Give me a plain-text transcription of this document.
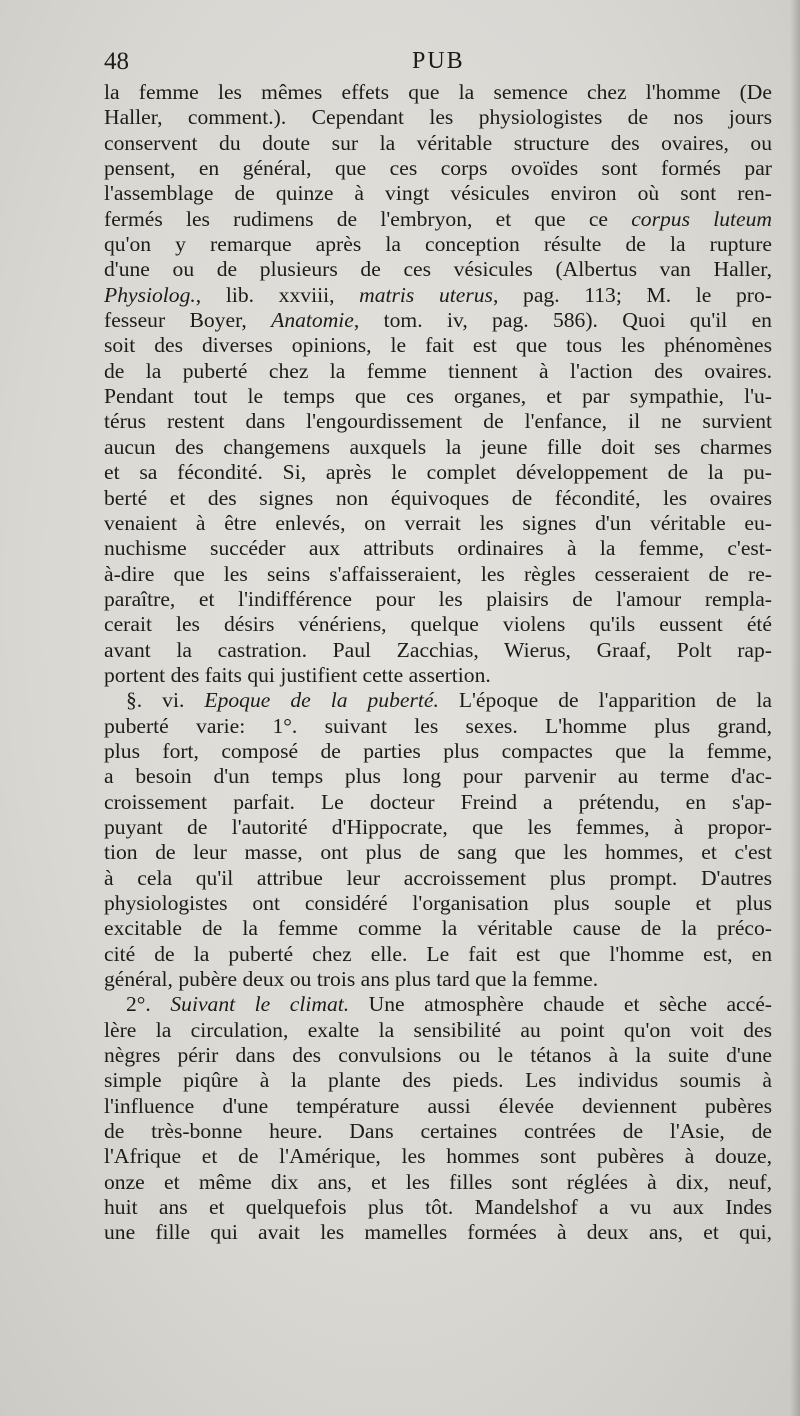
48	PUB
la femme les mêmes effets que la semence chez l'homme (De
Haller, comment.). Cependant les physiologistes de nos jours
conservent du doute sur la véritable structure des ovaires, ou
pensent, en général, que ces corps ovoïdes sont formés par
l'assemblage de quinze à vingt vésicules environ où sont ren-
fermés les rudimens de l'embryon, et que ce corpus luteum
qu'on y remarque après la conception résulte de la rupture
d'une ou de plusieurs de ces vésicules (Albertus van Haller,
Physiolog., lib. xxviii, matris uterus, pag. 113; M. le pro-
fesseur Boyer, Anatomie, tom. iv, pag. 586). Quoi qu'il en
soit des diverses opinions, le fait est que tous les phénomènes
de la puberté chez la femme tiennent à l'action des ovaires.
Pendant tout le temps que ces organes, et par sympathie, l'u-
térus restent dans l'engourdissement de l'enfance, il ne survient
aucun des changemens auxquels la jeune fille doit ses charmes
et sa fécondité. Si, après le complet développement de la pu-
berté et des signes non équivoques de fécondité, les ovaires
venaient à être enlevés, on verrait les signes d'un véritable eu-
nuchisme succéder aux attributs ordinaires à la femme, c'est-
à-dire que les seins s'affaisseraient, les règles cesseraient de re-
paraître, et l'indifférence pour les plaisirs de l'amour rempla-
cerait les désirs vénériens, quelque violens qu'ils eussent été
avant la castration. Paul Zacchias, Wierus, Graaf, Polt rap-
portent des faits qui justifient cette assertion.
§. vi. Epoque de la puberté. L'époque de l'apparition de la
puberté varie: 1°. suivant les sexes. L'homme plus grand,
plus fort, composé de parties plus compactes que la femme,
a besoin d'un temps plus long pour parvenir au terme d'ac-
croissement parfait. Le docteur Freind a prétendu, en s'ap-
puyant de l'autorité d'Hippocrate, que les femmes, à propor-
tion de leur masse, ont plus de sang que les hommes, et c'est
à cela qu'il attribue leur accroissement plus prompt. D'autres
physiologistes ont considéré l'organisation plus souple et plus
excitable de la femme comme la véritable cause de la préco-
cité de la puberté chez elle. Le fait est que l'homme est, en
général, pubère deux ou trois ans plus tard que la femme.
2°. Suivant le climat. Une atmosphère chaude et sèche accé-
lère la circulation, exalte la sensibilité au point qu'on voit des
nègres périr dans des convulsions ou le tétanos à la suite d'une
simple piqûre à la plante des pieds. Les individus soumis à
l'influence d'une température aussi élevée deviennent pubères
de très-bonne heure. Dans certaines contrées de l'Asie, de
l'Afrique et de l'Amérique, les hommes sont pubères à douze,
onze et même dix ans, et les filles sont réglées à dix, neuf,
huit ans et quelquefois plus tôt. Mandelshof a vu aux Indes
une fille qui avait les mamelles formées à deux ans, et qui,
